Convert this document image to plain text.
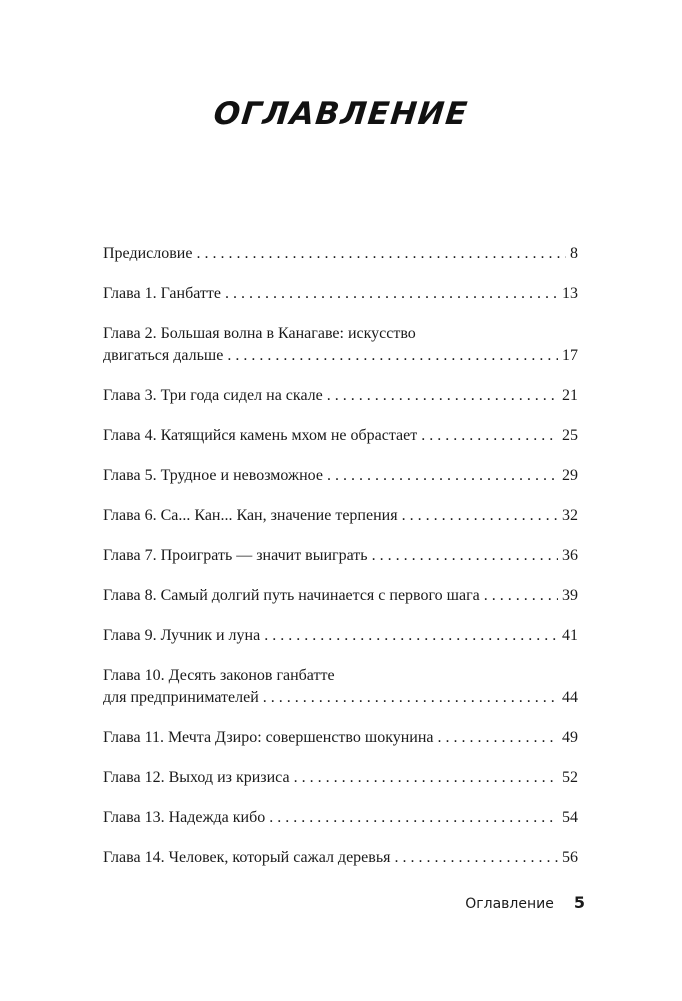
ОГЛАВЛЕНИЕ
Предисловие . . .	8
Глава 1. Ганбатте . . .	13
Глава 2. Большая волна в Канагаве: искусство
двигаться дальше . . .	17
Глава 3. Три года сидел на скале . . .	21
Глава 4. Катящийся камень мхом не обрастает . . .	25
Глава 5. Трудное и невозможное . . .	29
Глава 6. Са... Кан... Кан, значение терпения . . .	32
Глава 7. Проиграть — значит выиграть . . .	36
Глава 8. Самый долгий путь начинается с первого шага . . .	39
Глава 9. Лучник и луна . . .	41
Глава 10. Десять законов ганбатте
для предпринимателей . . .	44
Глава 11. Мечта Дзиро: совершенство шокунина . . .	49
Глава 12. Выход из кризиса . . .	52
Глава 13. Надежда кибо . . .	54
Глава 14. Человек, который сажал деревья . . .	56
Оглавление 5
